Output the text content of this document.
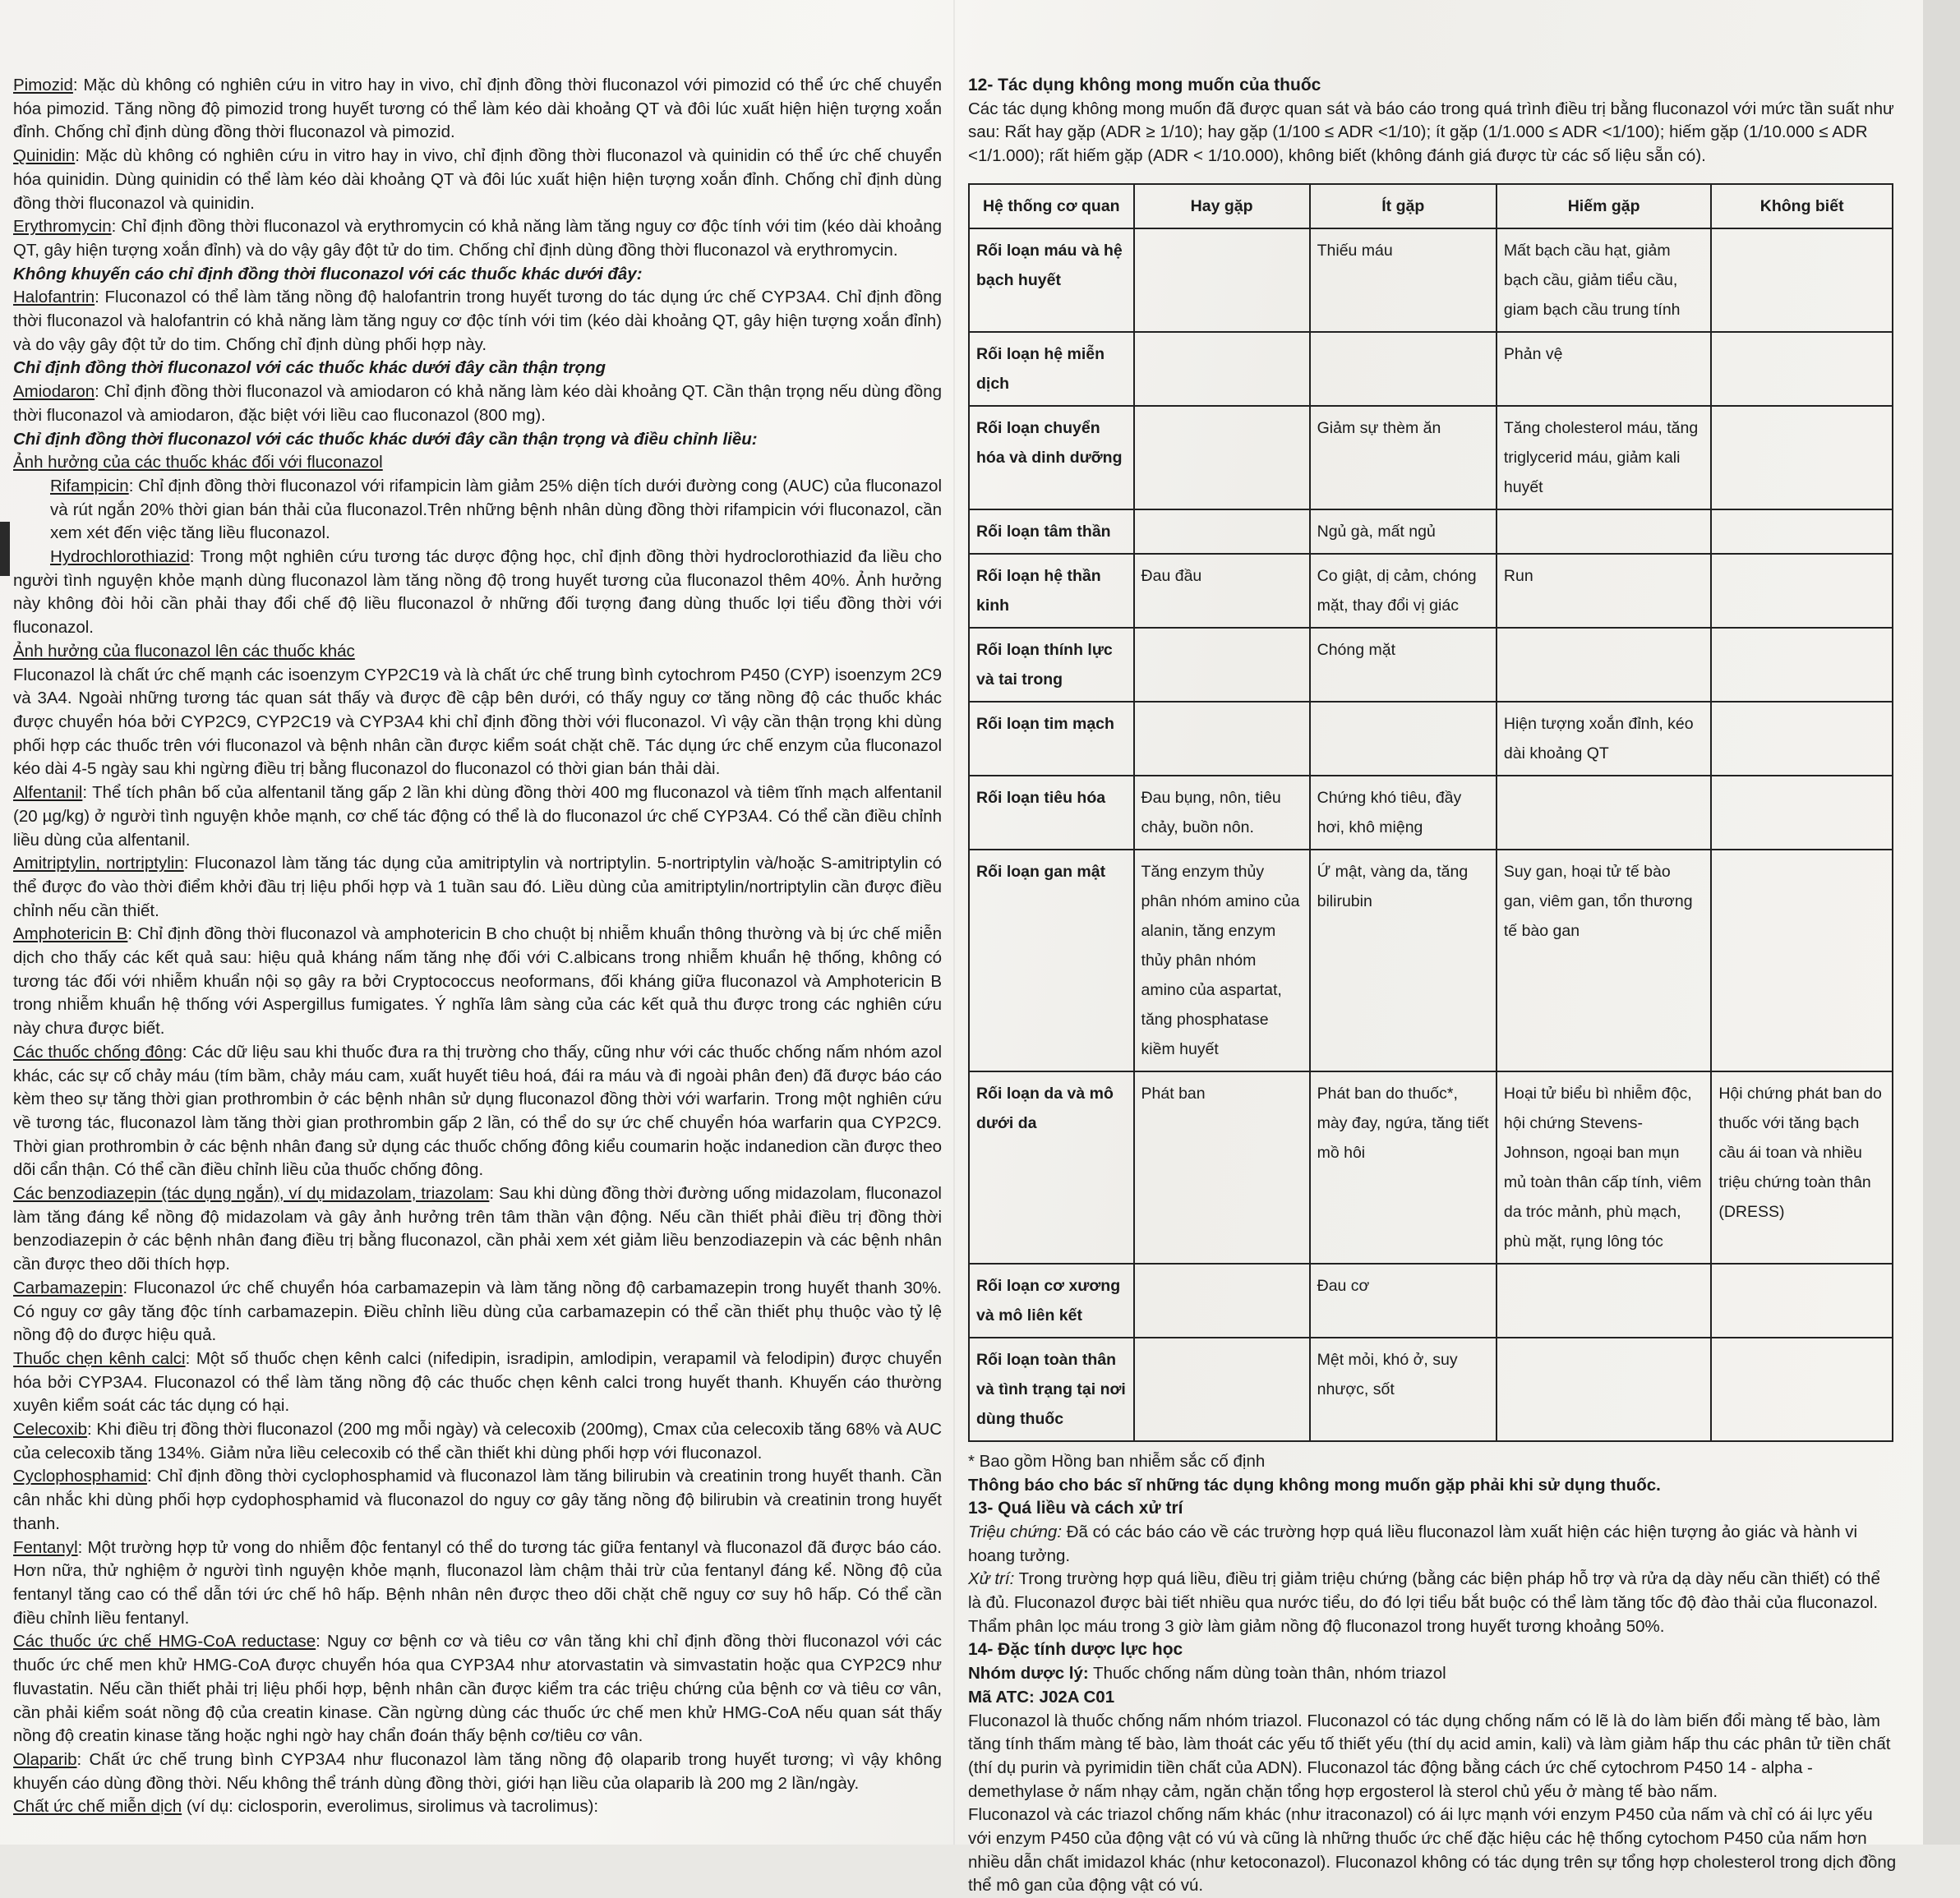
Pimozid: Mặc dù không có nghiên cứu in vitro hay in vivo, chỉ định đồng thời fluconazol với pimozid có thể ức chế chuyển hóa pimozid. Tăng nồng độ pimozid trong huyết tương có thể làm kéo dài khoảng QT và đôi lúc xuất hiện hiện tượng xoắn đỉnh. Chống chỉ định dùng đồng thời fluconazol và pimozid.

Quinidin: Mặc dù không có nghiên cứu in vitro hay in vivo, chỉ định đồng thời fluconazol và quinidin có thể ức chế chuyển hóa quinidin. Dùng quinidin có thể làm kéo dài khoảng QT và đôi lúc xuất hiện hiện tượng xoắn đỉnh. Chống chỉ định dùng đồng thời fluconazol và quinidin.

Erythromycin: Chỉ định đồng thời fluconazol và erythromycin có khả năng làm tăng nguy cơ độc tính với tim (kéo dài khoảng QT, gây hiện tượng xoắn đỉnh) và do vậy gây đột tử do tim. Chống chỉ định dùng đồng thời fluconazol và erythromycin.

Không khuyến cáo chỉ định đồng thời fluconazol với các thuốc khác dưới đây:

Halofantrin: Fluconazol có thể làm tăng nồng độ halofantrin trong huyết tương do tác dụng ức chế CYP3A4. Chỉ định đồng thời fluconazol và halofantrin có khả năng làm tăng nguy cơ độc tính với tim (kéo dài khoảng QT, gây hiện tượng xoắn đỉnh) và do vậy gây đột tử do tim. Chống chỉ định dùng phối hợp này.

Chỉ định đồng thời fluconazol với các thuốc khác dưới đây cần thận trọng

Amiodaron: Chỉ định đồng thời fluconazol và amiodaron có khả năng làm kéo dài khoảng QT. Cần thận trọng nếu dùng đồng thời fluconazol và amiodaron, đặc biệt với liều cao fluconazol (800 mg).

Chỉ định đồng thời fluconazol với các thuốc khác dưới đây cần thận trọng và điều chỉnh liều:

Ảnh hưởng của các thuốc khác đối với fluconazol

Rifampicin: Chỉ định đồng thời fluconazol với rifampicin làm giảm 25% diện tích dưới đường cong (AUC) của fluconazol và rút ngắn 20% thời gian bán thải của fluconazol.Trên những bệnh nhân dùng đồng thời rifampicin với fluconazol, cần xem xét đến việc tăng liều fluconazol.

Hydrochlorothiazid: Trong một nghiên cứu tương tác dược động học, chỉ định đồng thời hydroclorothiazid đa liều cho người tình nguyện khỏe mạnh dùng fluconazol làm tăng nồng độ trong huyết tương của fluconazol thêm 40%. Ảnh hưởng này không đòi hỏi cần phải thay đổi chế độ liều fluconazol ở những đối tượng đang dùng thuốc lợi tiểu đồng thời với fluconazol.

Ảnh hưởng của fluconazol lên các thuốc khác

Fluconazol là chất ức chế mạnh các isoenzym CYP2C19 và là chất ức chế trung bình cytochrom P450 (CYP) isoenzym 2C9 và 3A4. Ngoài những tương tác quan sát thấy và được đề cập bên dưới, có thấy nguy cơ tăng nồng độ các thuốc khác được chuyển hóa bởi CYP2C9, CYP2C19 và CYP3A4 khi chỉ định đồng thời với fluconazol. Vì vậy cần thận trọng khi dùng phối hợp các thuốc trên với fluconazol và bệnh nhân cần được kiểm soát chặt chẽ. Tác dụng ức chế enzym của fluconazol kéo dài 4-5 ngày sau khi ngừng điều trị bằng fluconazol do fluconazol có thời gian bán thải dài.

Alfentanil: Thể tích phân bố của alfentanil tăng gấp 2 lần khi dùng đồng thời 400 mg fluconazol và tiêm tĩnh mạch alfentanil (20 µg/kg) ở người tình nguyện khỏe mạnh, cơ chế tác động có thể là do fluconazol ức chế CYP3A4. Có thể cần điều chỉnh liều dùng của alfentanil.

Amitriptylin, nortriptylin: Fluconazol làm tăng tác dụng của amitriptylin và nortriptylin. 5-nortriptylin và/hoặc S-amitriptylin có thể được đo vào thời điểm khởi đầu trị liệu phối hợp và 1 tuần sau đó. Liều dùng của amitriptylin/nortriptylin cần được điều chỉnh nếu cần thiết.

Amphotericin B: Chỉ định đồng thời fluconazol và amphotericin B cho chuột bị nhiễm khuẩn thông thường và bị ức chế miễn dịch cho thấy các kết quả sau: hiệu quả kháng nấm tăng nhẹ đối với C.albicans trong nhiễm khuẩn hệ thống, không có tương tác đối với nhiễm khuẩn nội sọ gây ra bởi Cryptococcus neoformans, đối kháng giữa fluconazol và Amphotericin B trong nhiễm khuẩn hệ thống với Aspergillus fumigates. Ý nghĩa lâm sàng của các kết quả thu được trong các nghiên cứu này chưa được biết.

Các thuốc chống đông: Các dữ liệu sau khi thuốc đưa ra thị trường cho thấy, cũng như với các thuốc chống nấm nhóm azol khác, các sự cố chảy máu (tím bầm, chảy máu cam, xuất huyết tiêu hoá, đái ra máu và đi ngoài phân đen) đã được báo cáo kèm theo sự tăng thời gian prothrombin ở các bệnh nhân sử dụng fluconazol đồng thời với warfarin. Trong một nghiên cứu về tương tác, fluconazol làm tăng thời gian prothrombin gấp 2 lần, có thể do sự ức chế chuyển hóa warfarin qua CYP2C9. Thời gian prothrombin ở các bệnh nhân đang sử dụng các thuốc chống đông kiểu coumarin hoặc indanedion cần được theo dõi cẩn thận. Có thể cần điều chỉnh liều của thuốc chống đông.

Các benzodiazepin (tác dụng ngắn), ví dụ midazolam, triazolam: Sau khi dùng đồng thời đường uống midazolam, fluconazol làm tăng đáng kể nồng độ midazolam và gây ảnh hưởng trên tâm thần vận động. Nếu cần thiết phải điều trị đồng thời benzodiazepin ở các bệnh nhân đang điều trị bằng fluconazol, cần phải xem xét giảm liều benzodiazepin và các bệnh nhân cần được theo dõi thích hợp.

Carbamazepin: Fluconazol ức chế chuyển hóa carbamazepin và làm tăng nồng độ carbamazepin trong huyết thanh 30%. Có nguy cơ gây tăng độc tính carbamazepin. Điều chỉnh liều dùng của carbamazepin có thể cần thiết phụ thuộc vào tỷ lệ nồng độ do được hiệu quả.

Thuốc chẹn kênh calci: Một số thuốc chẹn kênh calci (nifedipin, isradipin, amlodipin, verapamil và felodipin) được chuyển hóa bởi CYP3A4. Fluconazol có thể làm tăng nồng độ các thuốc chẹn kênh calci trong huyết thanh. Khuyến cáo thường xuyên kiểm soát các tác dụng có hại.

Celecoxib: Khi điều trị đồng thời fluconazol (200 mg mỗi ngày) và celecoxib (200mg), Cmax của celecoxib tăng 68% và AUC của celecoxib tăng 134%. Giảm nửa liều celecoxib có thể cần thiết khi dùng phối hợp với fluconazol.

Cyclophosphamid: Chỉ định đồng thời cyclophosphamid và fluconazol làm tăng bilirubin và creatinin trong huyết thanh. Cần cân nhắc khi dùng phối hợp cydophosphamid và fluconazol do nguy cơ gây tăng nồng độ bilirubin và creatinin trong huyết thanh.

Fentanyl: Một trường hợp tử vong do nhiễm độc fentanyl có thể do tương tác giữa fentanyl và fluconazol đã được báo cáo. Hơn nữa, thử nghiệm ở người tình nguyện khỏe mạnh, fluconazol làm chậm thải trừ của fentanyl đáng kể. Nồng độ của fentanyl tăng cao có thể dẫn tới ức chế hô hấp. Bệnh nhân nên được theo dõi chặt chẽ nguy cơ suy hô hấp. Có thể cần điều chỉnh liều fentanyl.

Các thuốc ức chế HMG-CoA reductase: Nguy cơ bệnh cơ và tiêu cơ vân tăng khi chỉ định đồng thời fluconazol với các thuốc ức chế men khử HMG-CoA được chuyển hóa qua CYP3A4 như atorvastatin và simvastatin hoặc qua CYP2C9 như fluvastatin. Nếu cần thiết phải trị liệu phối hợp, bệnh nhân cần được kiểm tra các triệu chứng của bệnh cơ và tiêu cơ vân, cần phải kiểm soát nồng độ của creatin kinase. Cần ngừng dùng các thuốc ức chế men khử HMG-CoA nếu quan sát thấy nồng độ creatin kinase tăng hoặc nghi ngờ hay chẩn đoán thấy bệnh cơ/tiêu cơ vân.

Olaparib: Chất ức chế trung bình CYP3A4 như fluconazol làm tăng nồng độ olaparib trong huyết tương; vì vậy không khuyến cáo dùng đồng thời. Nếu không thể tránh dùng đồng thời, giới hạn liều của olaparib là 200 mg 2 lần/ngày.

Chất ức chế miễn dịch (ví dụ: ciclosporin, everolimus, sirolimus và tacrolimus):

12- Tác dụng không mong muốn của thuốc

Các tác dụng không mong muốn đã được quan sát và báo cáo trong quá trình điều trị bằng fluconazol với mức tần suất như sau: Rất hay gặp (ADR ≥ 1/10); hay gặp (1/100 ≤ ADR <1/10); ít gặp (1/1.000 ≤ ADR <1/100); hiếm gặp (1/10.000 ≤ ADR <1/1.000); rất hiếm gặp (ADR < 1/10.000), không biết (không đánh giá được từ các số liệu sẵn có).

Hệ thống cơ quan	Hay gặp	Ít gặp	Hiếm gặp	Không biết
Rối loạn máu và hệ bạch huyết		Thiếu máu	Mất bạch cầu hạt, giảm bạch cầu, giảm tiểu cầu, giam bạch cầu trung tính	
Rối loạn hệ miễn dịch			Phản vệ	
Rối loạn chuyển hóa và dinh dưỡng		Giảm sự thèm ăn	Tăng cholesterol máu, tăng triglycerid máu, giảm kali huyết	
Rối loạn tâm thần		Ngủ gà, mất ngủ		
Rối loạn hệ thần kinh	Đau đầu	Co giật, dị cảm, chóng mặt, thay đổi vị giác	Run	
Rối loạn thính lực và tai trong		Chóng mặt		
Rối loạn tim mạch			Hiện tượng xoắn đỉnh, kéo dài khoảng QT	
Rối loạn tiêu hóa	Đau bụng, nôn, tiêu chảy, buồn nôn.	Chứng khó tiêu, đầy hơi, khô miệng		
Rối loạn gan mật	Tăng enzym thủy phân nhóm amino của alanin, tăng enzym thủy phân nhóm amino của aspartat, tăng phosphatase kiềm huyết	Ứ mật, vàng da, tăng bilirubin	Suy gan, hoại tử tế bào gan, viêm gan, tổn thương tế bào gan	
Rối loạn da và mô dưới da	Phát ban	Phát ban do thuốc*, mày đay, ngứa, tăng tiết mồ hôi	Hoại tử biểu bì nhiễm độc, hội chứng Stevens-Johnson, ngoại ban mụn mủ toàn thân cấp tính, viêm da tróc mảnh, phù mạch, phù mặt, rụng lông tóc	Hội chứng phát ban do thuốc với tăng bạch cầu ái toan và nhiều triệu chứng toàn thân (DRESS)
Rối loạn cơ xương và mô liên kết		Đau cơ		
Rối loạn toàn thân và tình trạng tại nơi dùng thuốc		Mệt mỏi, khó ở, suy nhược, sốt		

* Bao gồm Hồng ban nhiễm sắc cố định

Thông báo cho bác sĩ những tác dụng không mong muốn gặp phải khi sử dụng thuốc.

13- Quá liều và cách xử trí

Triệu chứng: Đã có các báo cáo về các trường hợp quá liều fluconazol làm xuất hiện các hiện tượng ảo giác và hành vi hoang tưởng.

Xử trí: Trong trường hợp quá liều, điều trị giảm triệu chứng (bằng các biện pháp hỗ trợ và rửa dạ dày nếu cần thiết) có thể là đủ. Fluconazol được bài tiết nhiều qua nước tiểu, do đó lợi tiểu bắt buộc có thể làm tăng tốc độ đào thải của fluconazol. Thẩm phân lọc máu trong 3 giờ làm giảm nồng độ fluconazol trong huyết tương khoảng 50%.

14- Đặc tính dược lực học

Nhóm dược lý: Thuốc chống nấm dùng toàn thân, nhóm triazol

Mã ATC: J02A C01

Fluconazol là thuốc chống nấm nhóm triazol. Fluconazol có tác dụng chống nấm có lẽ là do làm biến đổi màng tế bào, làm tăng tính thấm màng tế bào, làm thoát các yếu tố thiết yếu (thí dụ acid amin, kali) và làm giảm hấp thu các phân tử tiền chất (thí dụ purin và pyrimidin tiền chất của ADN). Fluconazol tác động bằng cách ức chế cytochrom P450 14 - alpha - demethylase ở nấm nhạy cảm, ngăn chặn tổng hợp ergosterol là sterol chủ yếu ở màng tế bào nấm.

Fluconazol và các triazol chống nấm khác (như itraconazol) có ái lực mạnh với enzym P450 của nấm và chỉ có ái lực yếu với enzym P450 của động vật có vú và cũng là những thuốc ức chế đặc hiệu các hệ thống cytochom P450 của nấm hơn nhiều dẫn chất imidazol khác (như ketoconazol). Fluconazol không có tác dụng trên sự tổng hợp cholesterol trong dịch đồng thể mô gan của động vật có vú.
